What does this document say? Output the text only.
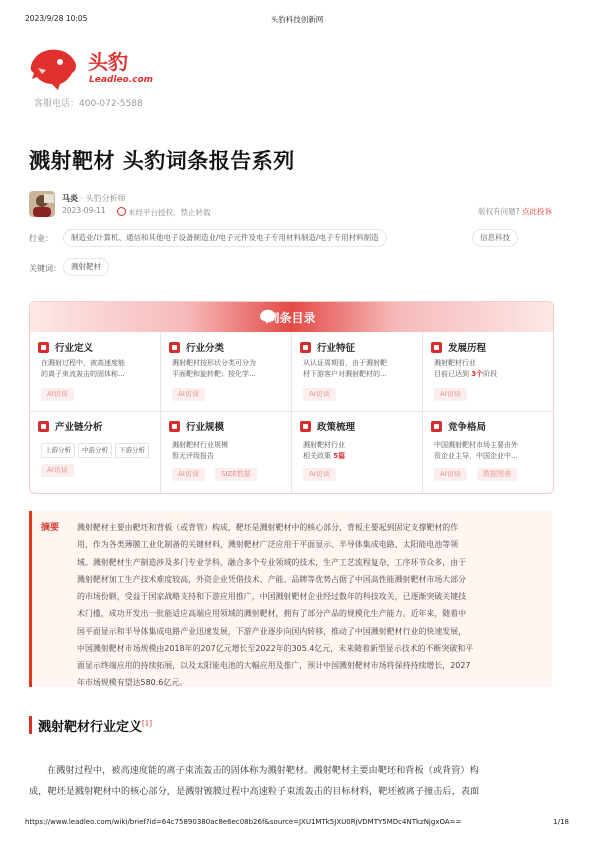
2023/9/28 10:05	头豹科技创新网
头豹
Leadleo.com
客服电话：400-072-5588
溅射靶材 头豹词条报告系列
马炎 · 头豹分析师
2023-09-11	未经平台授权，禁止转载	版权有问题? 点此投诉
行业：	制造业/计算机、通信和其他电子设备制造业/电子元件及电子专用材料制造/电子专用材料制造	信息科技
关键词：	溅射靶材
词条目录
行业定义
在溅射过程中，被高速度能
的离子束流轰击的固体称...
AI访谈
行业分类
溅射靶材按形状分类可分为
平面靶和旋转靶；按化学...
AI访谈
行业特征
从认证周期看，由于溅射靶
材下游客户对溅射靶材的...
AI访谈
发展历程
溅射靶材行业
目前已达到 3个阶段
AI访谈
产业链分析
上游分析	中游分析	下游分析
AI访谈
行业规模
溅射靶材行业规模
暂无评级报告
AI访谈	SIZE数据
政策梳理
溅射靶材行业
相关政策 5篇
AI访谈
竞争格局
中国溅射靶材市场主要由外
资企业主导，中国企业中...
AI访谈	数据图表
摘要 溅射靶材主要由靶坯和背板（或背管）构成，靶坯是溅射靶材中的核心部分，背板主要起到固定支撑靶材的作
用，作为各类薄膜工业化制备的关键材料，溅射靶材广泛应用于平面显示、半导体集成电路、太阳能电池等领
域。溅射靶材生产制造涉及多门专业学科，融合多个专业领域的技术，生产工艺流程复杂，工序环节众多，由于
溅射靶材加工生产技术难度较高，外资企业凭借技术、产能、品牌等优势占据了中国高性能溅射靶材市场大部分
的市场份额，受益于国家战略支持和下游应用推广，中国溅射靶材企业经过数年的科技攻关，已逐渐突破关键技
术门槛，成功开发出一批能适应高端应用领域的溅射靶材，拥有了部分产品的规模化生产能力。近年来，随着中
国平面显示和半导体集成电路产业迅速发展，下游产业逐步向国内转移，推动了中国溅射靶材行业的快速发展，
中国溅射靶材市场规模由2018年的207亿元增长至2022年的305.4亿元，未来随着新型显示技术的不断突破和平
面显示终端应用的持续拓展，以及太阳能电池的大幅应用及推广，预计中国溅射靶材市场将保持持续增长，2027
年市场规模有望达580.6亿元。
溅射靶材行业定义[1]
在溅射过程中，被高速度能的离子束流轰击的固体称为溅射靶材。溅射靶材主要由靶坯和背板（或背管）构
成，靶坯是溅射靶材中的核心部分，是溅射镀膜过程中高速粒子束流轰击的目标材料，靶坯被离子撞击后，表面
https://www.leadleo.com/wiki/brief?id=64c75890380ac8e6ec08b26f&source=JXU1MTk5JXU0RjVDMTY5MDc4NTkzNjgxOA==	1/18
